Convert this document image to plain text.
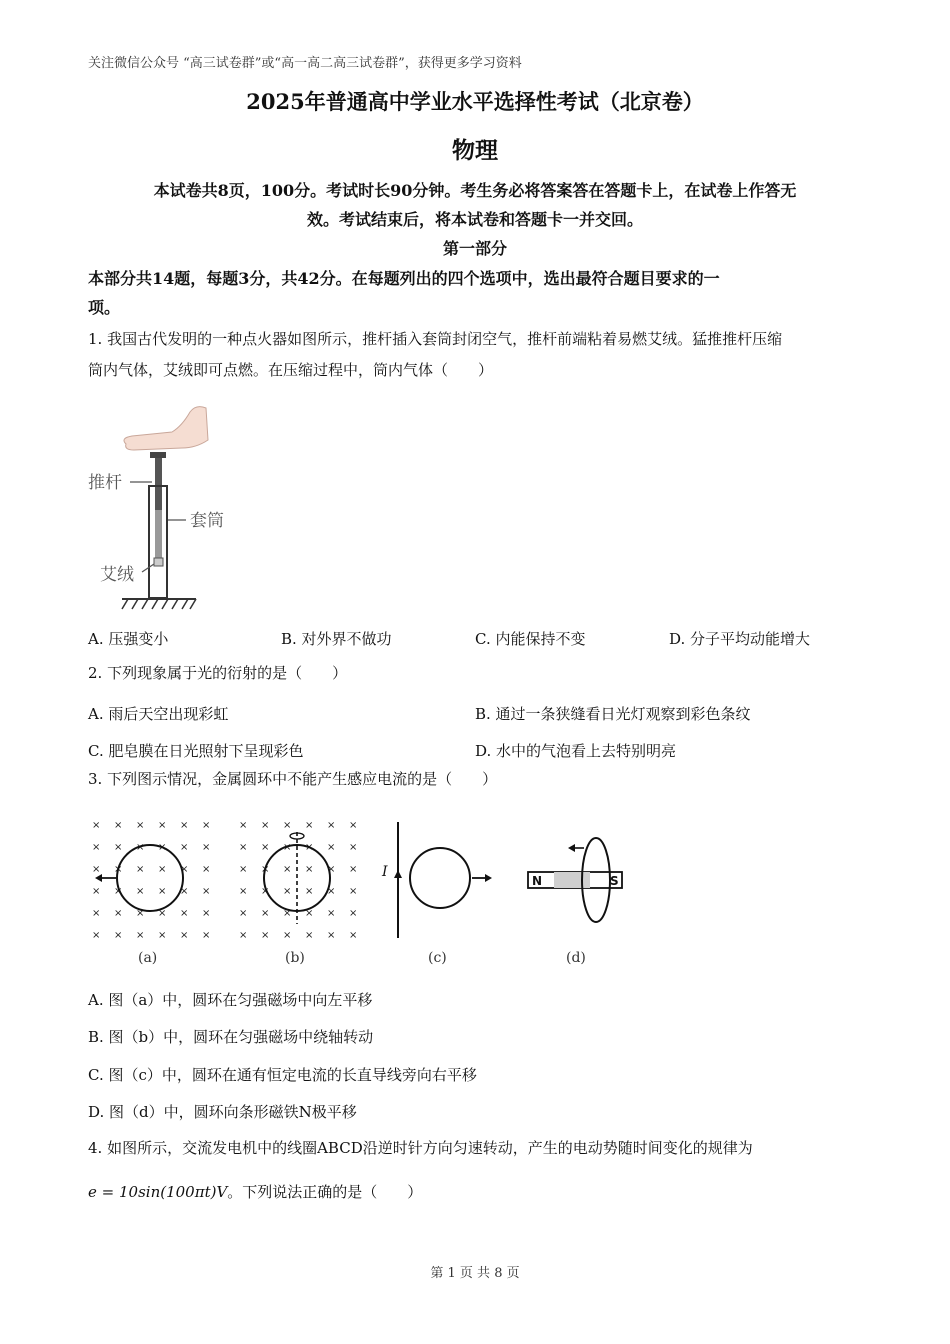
关注微信公众号 “高三试卷群”或“高一高二高三试卷群”，获得更多学习资料
2025年普通高中学业水平选择性考试（北京卷）
物理
本试卷共8页，100分。考试时长90分钟。考生务必将答案答在答题卡上，在试卷上作答无
效。考试结束后，将本试卷和答题卡一并交回。
第一部分
本部分共14题，每题3分，共42分。在每题列出的四个选项中，选出最符合题目要求的一
项。
1. 我国古代发明的一种点火器如图所示，推杆插入套筒封闭空气，推杆前端粘着易燃艾绒。猛推推杆压缩
筒内气体，艾绒即可点燃。在压缩过程中，筒内气体（　　）
推杆
套筒
艾绒
A. 压强变小	B. 对外界不做功	C. 内能保持不变	D. 分子平均动能增大
2. 下列现象属于光的衍射的是（　　）
A. 雨后天空出现彩虹	B. 通过一条狭缝看日光灯观察到彩色条纹
C. 肥皂膜在日光照射下呈现彩色	D. 水中的气泡看上去特别明亮
3. 下列图示情况，金属圆环中不能产生感应电流的是（　　）
× × × × × ×
× × × × × ×
× × × × × ×
× × × × × ×
× × × × × ×
× × × × × ×
(a)
× × × × × ×
× × × × × ×
× × × × × ×
× × × × × ×
× × × × × ×
× × × × × ×
(b)
I
(c)
N	S
(d)
A. 图（a）中，圆环在匀强磁场中向左平移
B. 图（b）中，圆环在匀强磁场中绕轴转动
C. 图（c）中，圆环在通有恒定电流的长直导线旁向右平移
D. 图（d）中，圆环向条形磁铁N极平移
4. 如图所示，交流发电机中的线圈ABCD沿逆时针方向匀速转动，产生的电动势随时间变化的规律为
e = 10sin(100πt)V。下列说法正确的是（　　）
第 1 页 共 8 页
